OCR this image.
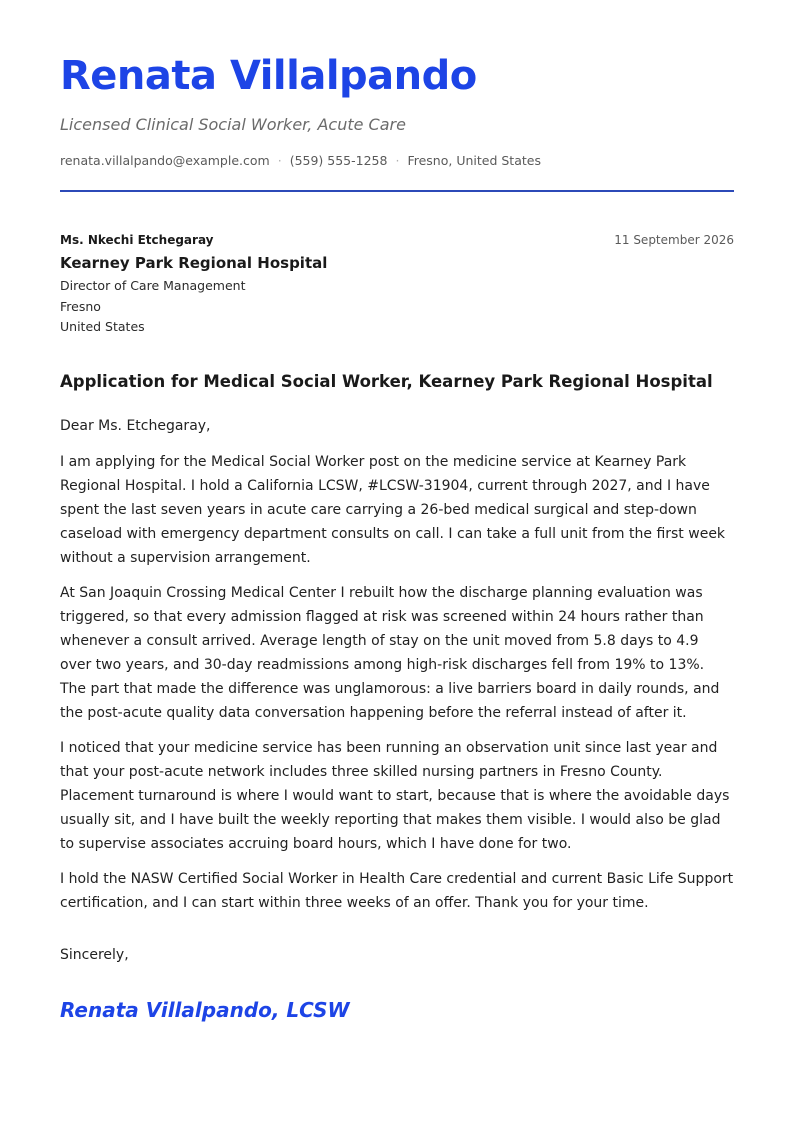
Renata Villalpando
Licensed Clinical Social Worker, Acute Care
renata.villalpando@example.com · (559) 555-1258 · Fresno, United States
Ms. Nkechi Etchegaray	11 September 2026
Kearney Park Regional Hospital
Director of Care Management
Fresno
United States
Application for Medical Social Worker, Kearney Park Regional Hospital
Dear Ms. Etchegaray,

I am applying for the Medical Social Worker post on the medicine service at Kearney Park Regional Hospital. I hold a California LCSW, #LCSW-31904, current through 2027, and I have spent the last seven years in acute care carrying a 26-bed medical surgical and step-down caseload with emergency department consults on call. I can take a full unit from the first week without a supervision arrangement.

At San Joaquin Crossing Medical Center I rebuilt how the discharge planning evaluation was triggered, so that every admission flagged at risk was screened within 24 hours rather than whenever a consult arrived. Average length of stay on the unit moved from 5.8 days to 4.9 over two years, and 30-day readmissions among high-risk discharges fell from 19% to 13%. The part that made the difference was unglamorous: a live barriers board in daily rounds, and the post-acute quality data conversation happening before the referral instead of after it.

I noticed that your medicine service has been running an observation unit since last year and that your post-acute network includes three skilled nursing partners in Fresno County. Placement turnaround is where I would want to start, because that is where the avoidable days usually sit, and I have built the weekly reporting that makes them visible. I would also be glad to supervise associates accruing board hours, which I have done for two.

I hold the NASW Certified Social Worker in Health Care credential and current Basic Life Support certification, and I can start within three weeks of an offer. Thank you for your time.

Sincerely,
Renata Villalpando, LCSW
